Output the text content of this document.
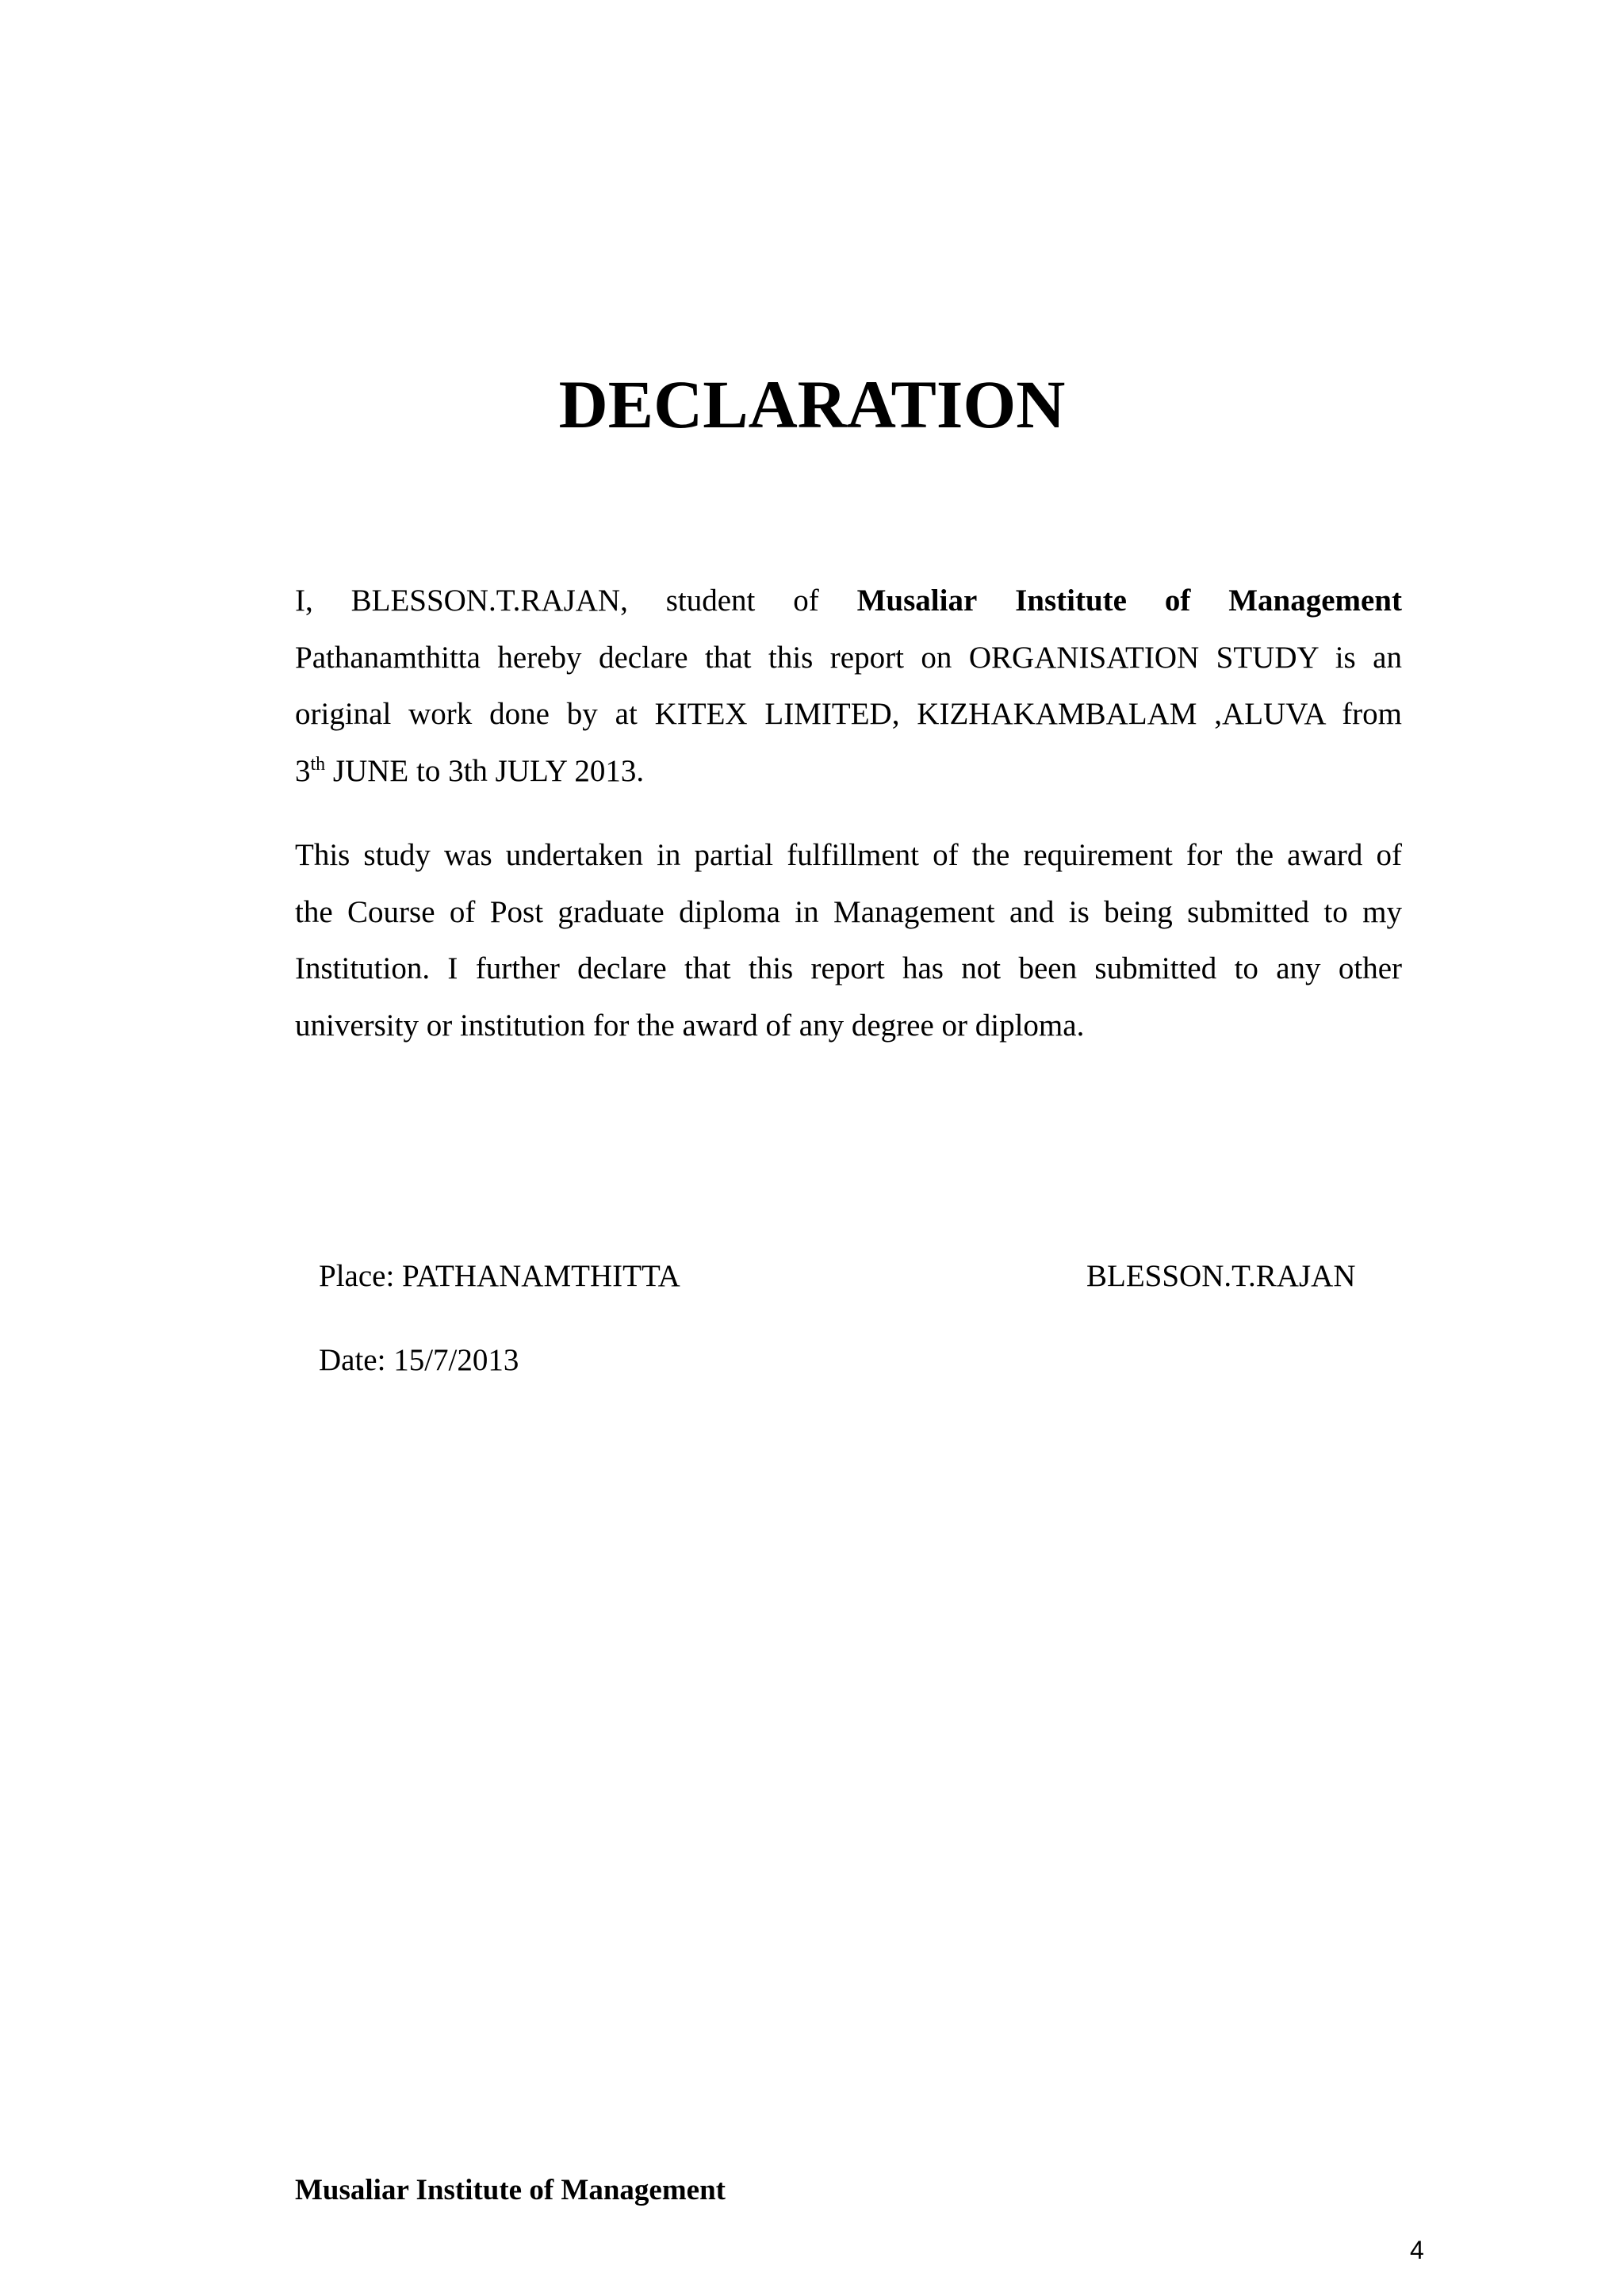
DECLARATION
I, BLESSON.T.RAJAN, student of Musaliar Institute of Management
Pathanamthitta hereby declare that this report on ORGANISATION STUDY is an
original work done by at KITEX LIMITED, KIZHAKAMBALAM ,ALUVA from
3th JUNE to 3th JULY 2013.
This study was undertaken in partial fulfillment of the requirement for the award of
the Course of Post graduate diploma in Management and is being submitted to my
Institution. I further declare that this report has not been submitted to any other
university or institution for the award of any degree or diploma.
Place: PATHANAMTHITTA	BLESSON.T.RAJAN
Date: 15/7/2013
Musaliar Institute of Management
4
